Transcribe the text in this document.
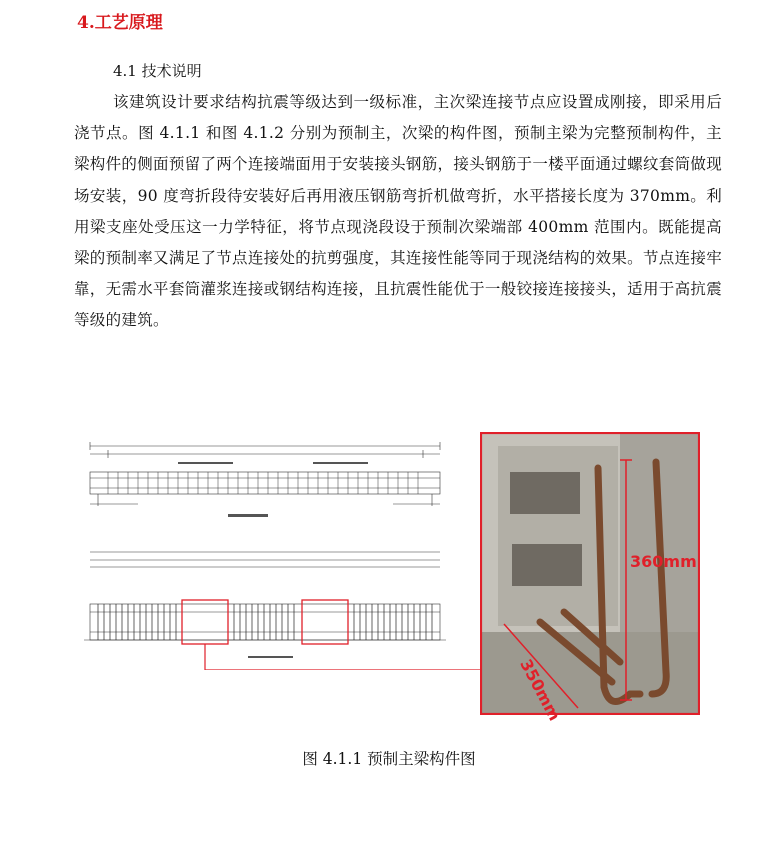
4.工艺原理
4.1 技术说明
该建筑设计要求结构抗震等级达到一级标准，主次梁连接节点应设置成刚接，即采用后浇节点。图 4.1.1 和图 4.1.2 分别为预制主，次梁的构件图，预制主梁为完整预制构件，主梁构件的侧面预留了两个连接端面用于安装接头钢筋，接头钢筋于一楼平面通过螺纹套筒做现场安装，90 度弯折段待安装好后再用液压钢筋弯折机做弯折，水平搭接长度为 370mm。利用梁支座处受压这一力学特征，将节点现浇段设于预制次梁端部 400mm 范围内。既能提高梁的预制率又满足了节点连接处的抗剪强度，其连接性能等同于现浇结构的效果。节点连接牢靠，无需水平套筒灌浆连接或钢结构连接，且抗震性能优于一般铰接连接接头，适用于高抗震等级的建筑。
360mm
350mm
图 4.1.1 预制主梁构件图
